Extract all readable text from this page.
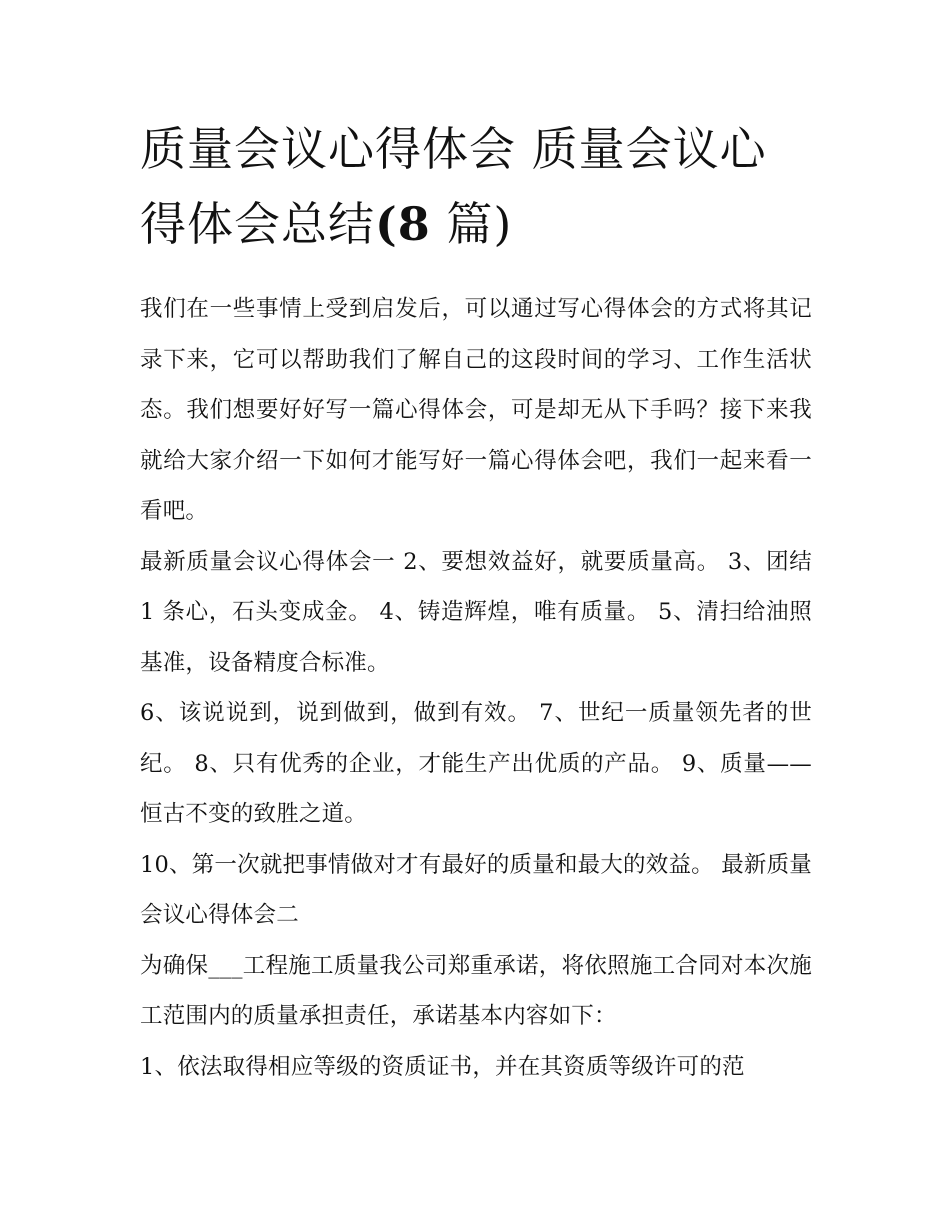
质量会议心得体会 质量会议心得体会总结(8 篇)

我们在一些事情上受到启发后，可以通过写心得体会的方式将其记录下来，它可以帮助我们了解自己的这段时间的学习、工作生活状态。我们想要好好写一篇心得体会，可是却无从下手吗？接下来我就给大家介绍一下如何才能写好一篇心得体会吧，我们一起来看一看吧。

最新质量会议心得体会一 2、要想效益好，就要质量高。 3、团结 1 条心，石头变成金。 4、铸造辉煌，唯有质量。 5、清扫给油照基准，设备精度合标准。

6、该说说到，说到做到，做到有效。 7、世纪一质量领先者的世纪。 8、只有优秀的企业，才能生产出优质的产品。 9、质量——恒古不变的致胜之道。

10、第一次就把事情做对才有最好的质量和最大的效益。 最新质量会议心得体会二

为确保___工程施工质量我公司郑重承诺，将依照施工合同对本次施工范围内的质量承担责任，承诺基本内容如下：

1、依法取得相应等级的资质证书，并在其资质等级许可的范
